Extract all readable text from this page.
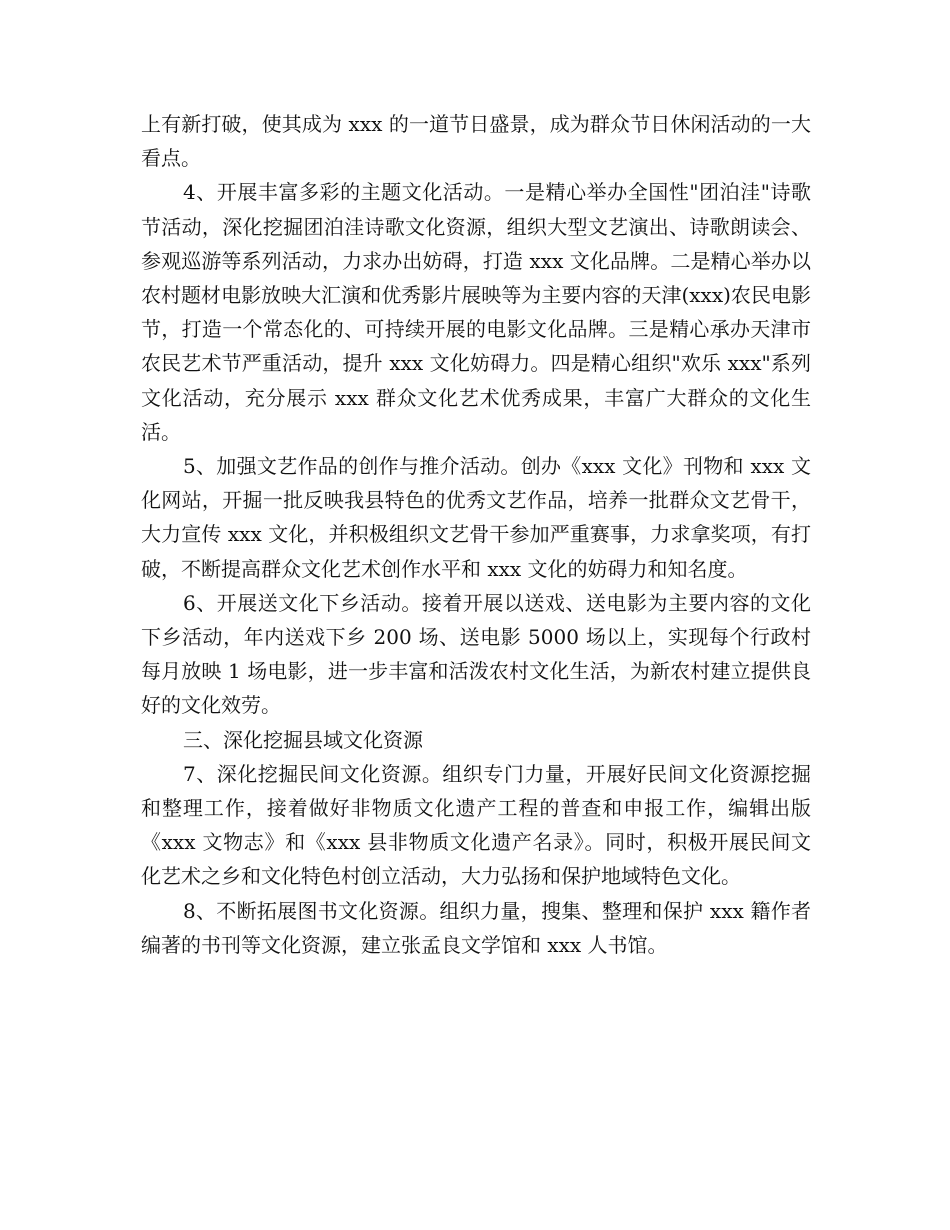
上有新打破，使其成为 xxx 的一道节日盛景，成为群众节日休闲活动的一大看点。

4、开展丰富多彩的主题文化活动。一是精心举办全国性"团泊洼"诗歌节活动，深化挖掘团泊洼诗歌文化资源，组织大型文艺演出、诗歌朗读会、参观巡游等系列活动，力求办出妨碍，打造 xxx 文化品牌。二是精心举办以农村题材电影放映大汇演和优秀影片展映等为主要内容的天津(xxx)农民电影节，打造一个常态化的、可持续开展的电影文化品牌。三是精心承办天津市农民艺术节严重活动，提升 xxx 文化妨碍力。四是精心组织"欢乐 xxx"系列文化活动，充分展示 xxx 群众文化艺术优秀成果，丰富广大群众的文化生活。

5、加强文艺作品的创作与推介活动。创办《xxx 文化》刊物和 xxx 文化网站，开掘一批反映我县特色的优秀文艺作品，培养一批群众文艺骨干，大力宣传 xxx 文化，并积极组织文艺骨干参加严重赛事，力求拿奖项，有打破，不断提高群众文化艺术创作水平和 xxx 文化的妨碍力和知名度。

6、开展送文化下乡活动。接着开展以送戏、送电影为主要内容的文化下乡活动，年内送戏下乡 200 场、送电影 5000 场以上，实现每个行政村每月放映 1 场电影，进一步丰富和活泼农村文化生活，为新农村建立提供良好的文化效劳。

三、深化挖掘县域文化资源

7、深化挖掘民间文化资源。组织专门力量，开展好民间文化资源挖掘和整理工作，接着做好非物质文化遗产工程的普查和申报工作，编辑出版《xxx 文物志》和《xxx 县非物质文化遗产名录》。同时，积极开展民间文化艺术之乡和文化特色村创立活动，大力弘扬和保护地域特色文化。

8、不断拓展图书文化资源。组织力量，搜集、整理和保护 xxx 籍作者编著的书刊等文化资源，建立张孟良文学馆和 xxx 人书馆。
